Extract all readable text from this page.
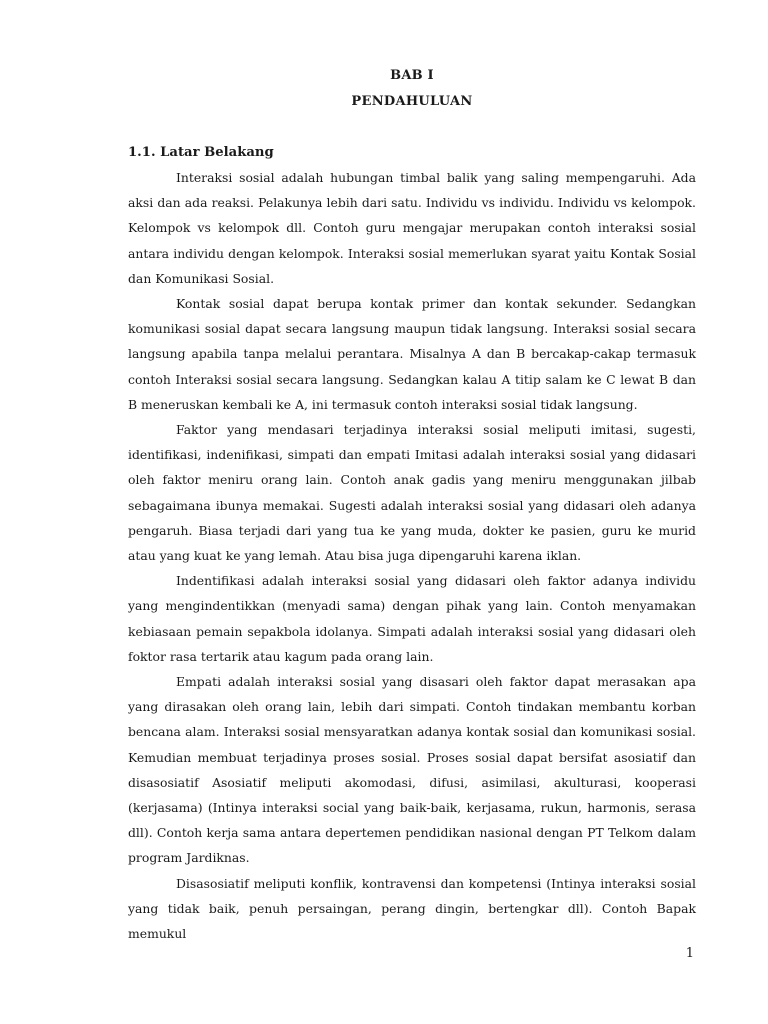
BAB I
PENDAHULUAN
1.1. Latar Belakang

Interaksi sosial adalah hubungan timbal balik yang saling mempengaruhi. Ada aksi dan ada reaksi. Pelakunya lebih dari satu. Individu vs individu. Individu vs kelompok. Kelompok vs kelompok dll. Contoh guru mengajar merupakan contoh interaksi sosial antara individu dengan kelompok. Interaksi sosial memerlukan syarat yaitu Kontak Sosial dan Komunikasi Sosial.

Kontak sosial dapat berupa kontak primer dan kontak sekunder. Sedangkan komunikasi sosial dapat secara langsung maupun tidak langsung. Interaksi sosial secara langsung apabila tanpa melalui perantara. Misalnya A dan B bercakap-cakap termasuk contoh Interaksi sosial secara langsung. Sedangkan kalau A titip salam ke C lewat B dan B meneruskan kembali ke A, ini termasuk contoh interaksi sosial tidak langsung.

Faktor yang mendasari terjadinya interaksi sosial meliputi imitasi, sugesti, identifikasi, indenifikasi, simpati dan empati Imitasi adalah interaksi sosial yang didasari oleh faktor meniru orang lain. Contoh anak gadis yang meniru menggunakan jilbab sebagaimana ibunya memakai. Sugesti adalah interaksi sosial yang didasari oleh adanya pengaruh. Biasa terjadi dari yang tua ke yang muda, dokter ke pasien, guru ke murid atau yang kuat ke yang lemah. Atau bisa juga dipengaruhi karena iklan.

Indentifikasi adalah interaksi sosial yang didasari oleh faktor adanya individu yang mengindentikkan (menyadi sama) dengan pihak yang lain. Contoh menyamakan kebiasaan pemain sepakbola idolanya. Simpati adalah interaksi sosial yang didasari oleh foktor rasa tertarik atau kagum pada orang lain.

Empati adalah interaksi sosial yang disasari oleh faktor dapat merasakan apa yang dirasakan oleh orang lain, lebih dari simpati. Contoh tindakan membantu korban bencana alam. Interaksi sosial mensyaratkan adanya kontak sosial dan komunikasi sosial. Kemudian membuat terjadinya proses sosial. Proses sosial dapat bersifat asosiatif dan disasosiatif Asosiatif meliputi akomodasi, difusi, asimilasi, akulturasi, kooperasi (kerjasama) (Intinya interaksi social yang baik-baik, kerjasama, rukun, harmonis, serasa dll). Contoh kerja sama antara depertemen pendidikan nasional dengan PT Telkom dalam program Jardiknas.

Disasosiatif meliputi konflik, kontravensi dan kompetensi (Intinya interaksi sosial yang tidak baik, penuh persaingan, perang dingin, bertengkar dll). Contoh Bapak memukul

1
